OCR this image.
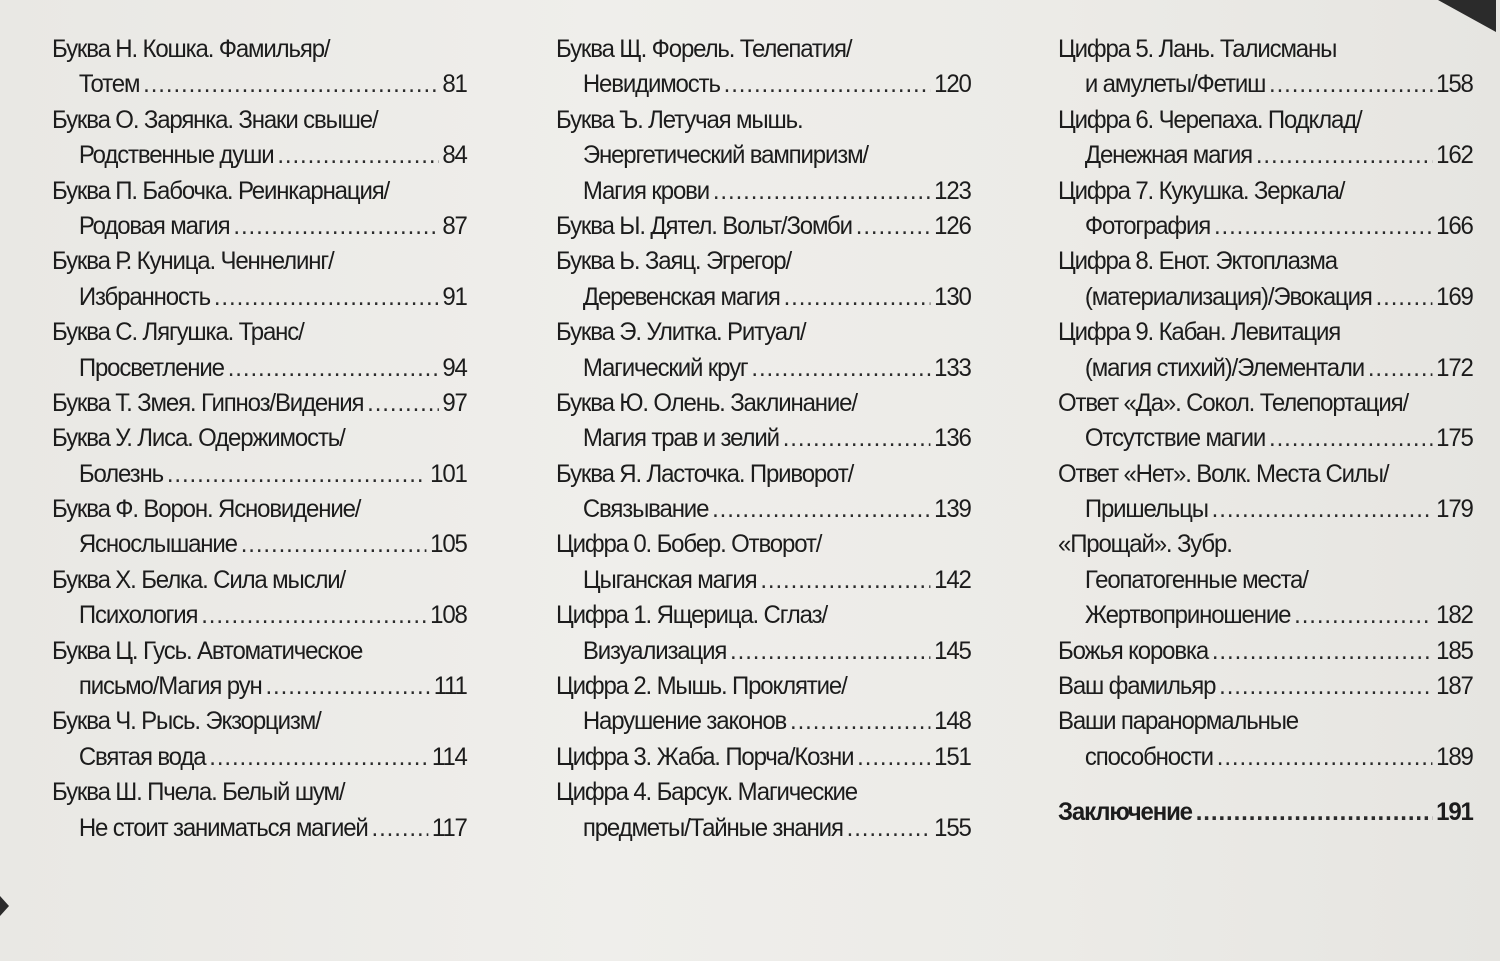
Буква Н. Кошка. Фамильяр/
Тотем . . .	81
Буква О. Зарянка. Знаки свыше/
Родственные души . . .	84
Буква П. Бабочка. Реинкарнация/
Родовая магия . . .	87
Буква Р. Куница. Ченнелинг/
Избранность . . .	91
Буква С. Лягушка. Транс/
Просветление . . .	94
Буква Т. Змея. Гипноз/Видения . . .	97
Буква У. Лиса. Одержимость/
Болезнь . . .	101
Буква Ф. Ворон. Ясновидение/
Яснослышание . . .	105
Буква Х. Белка. Сила мысли/
Психология . . .	108
Буква Ц. Гусь. Автоматическое
письмо/Магия рун . . .	111
Буква Ч. Рысь. Экзорцизм/
Святая вода . . .	114
Буква Ш. Пчела. Белый шум/
Не стоит заниматься магией . . .	117
Буква Щ. Форель. Телепатия/
Невидимость . . .	120
Буква Ъ. Летучая мышь.
Энергетический вампиризм/
Магия крови . . .	123
Буква Ы. Дятел. Вольт/Зомби . . .	126
Буква Ь. Заяц. Эгрегор/
Деревенская магия . . .	130
Буква Э. Улитка. Ритуал/
Магический круг . . .	133
Буква Ю. Олень. Заклинание/
Магия трав и зелий . . .	136
Буква Я. Ласточка. Приворот/
Связывание . . .	139
Цифра 0. Бобер. Отворот/
Цыганская магия . . .	142
Цифра 1. Ящерица. Сглаз/
Визуализация . . .	145
Цифра 2. Мышь. Проклятие/
Нарушение законов . . .	148
Цифра 3. Жаба. Порча/Козни . . .	151
Цифра 4. Барсук. Магические
предметы/Тайные знания . . .	155
Цифра 5. Лань. Талисманы
и амулеты/Фетиш . . .	158
Цифра 6. Черепаха. Подклад/
Денежная магия . . .	162
Цифра 7. Кукушка. Зеркала/
Фотография . . .	166
Цифра 8. Енот. Эктоплазма
(материализация)/Эвокация . . .	169
Цифра 9. Кабан. Левитация
(магия стихий)/Элементали . . .	172
Ответ «Да». Сокол. Телепортация/
Отсутствие магии . . .	175
Ответ «Нет». Волк. Места Силы/
Пришельцы . . .	179
«Прощай». Зубр.
Геопатогенные места/
Жертвоприношение . . .	182
Божья коровка . . .	185
Ваш фамильяр . . .	187
Ваши паранормальные
способности . . .	189
Заключение . . .	191
